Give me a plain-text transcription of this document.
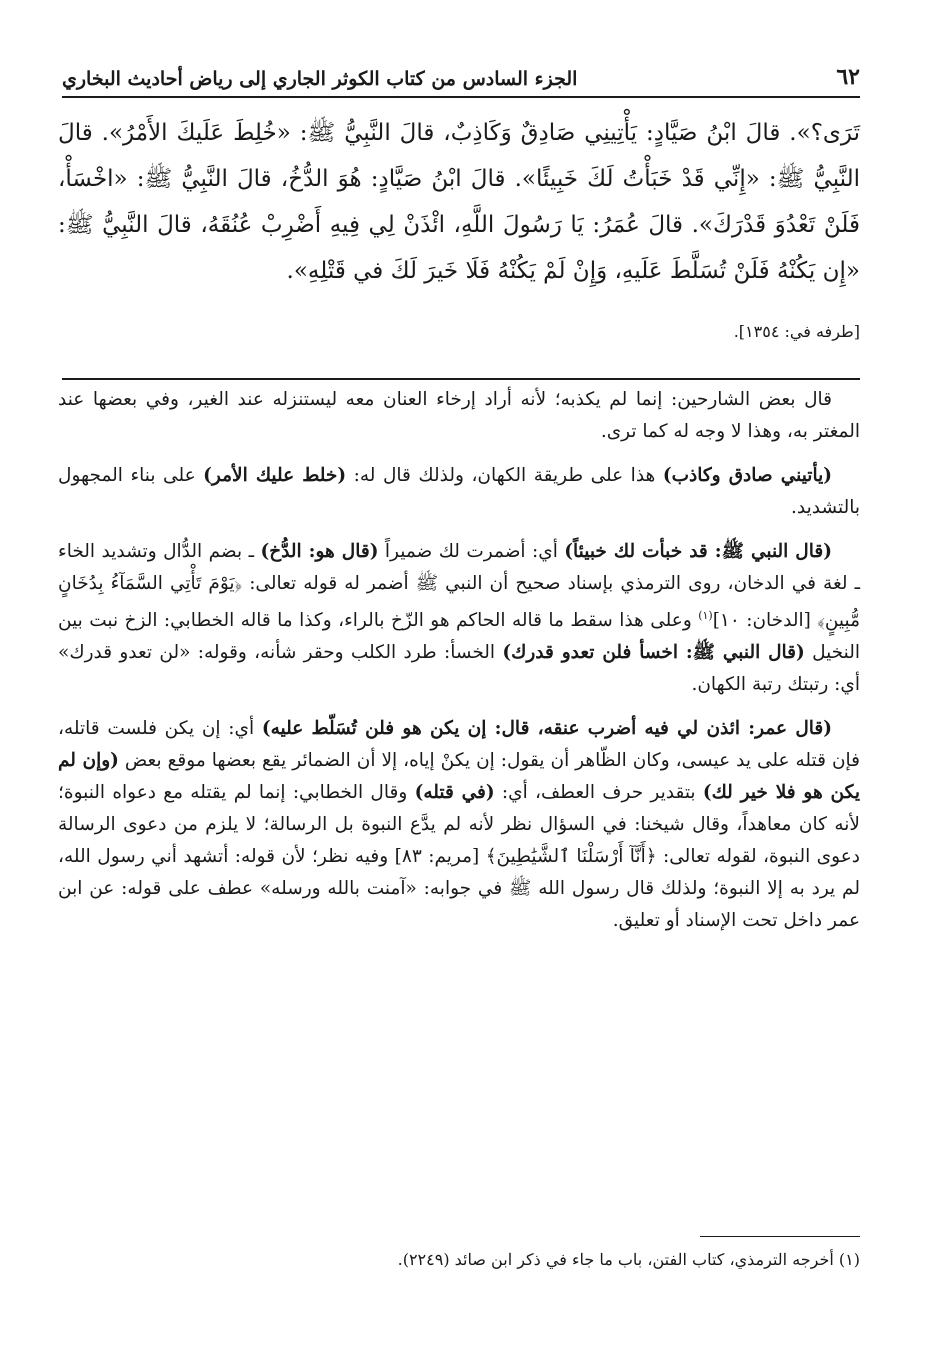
٦٢
الجزء السادس من كتاب الكوثر الجاري إلى رياض أحاديث البخاري

تَرَى؟». قالَ ابْنُ صَيَّادٍ: يَأْتِينِي صَادِقٌ وَكَاذِبٌ، قالَ النَّبِيُّ ﷺ: «خُلِطَ عَلَيكَ الأَمْرُ». قالَ النَّبِيُّ ﷺ: «إِنِّي قَدْ خَبَأْتُ لَكَ خَبِيئًا». قالَ ابْنُ صَيَّادٍ: هُوَ الدُّخُ، قالَ النَّبِيُّ ﷺ: «اخْسَأْ، فَلَنْ تَعْدُوَ قَدْرَكَ». قالَ عُمَرُ: يَا رَسُولَ اللَّهِ، ائْذَنْ لِي فِيهِ أَضْرِبْ عُنُقَهُ، قالَ النَّبِيُّ ﷺ: «إِن يَكُنْهُ فَلَنْ تُسَلَّطَ عَلَيهِ، وَإِنْ لَمْ يَكُنْهُ فَلَا خَيرَ لَكَ في قَتْلِهِ».

[طرفه في: ١٣٥٤].

قال بعض الشارحين: إنما لم يكذبه؛ لأنه أراد إرخاء العنان معه ليستنزله عند الغير، وفي بعضها عند المغتر به، وهذا لا وجه له كما ترى.

(يأتيني صادق وكاذب) هذا على طريقة الكهان، ولذلك قال له: (خلط عليك الأمر) على بناء المجهول بالتشديد.

(قال النبي ﷺ: قد خبأت لك خبيئاً) أي: أضمرت لك ضميراً (قال هو: الدُّخ) ـ بضم الدُّال وتشديد الخاء ـ لغة في الدخان، روى الترمذي بإسناد صحيح أن النبي ﷺ أضمر له قوله تعالى: ﴿يَوْمَ تَأْتِي السَّمَآءُ بِدُخَانٍ مُّبِينٍ﴾ [الدخان: ١٠]$^{(١)}$ وعلى هذا سقط ما قاله الحاكم هو الزّخ بالراء، وكذا ما قاله الخطابي: الزخ نبت بين النخيل (قال النبي ﷺ: اخسأ فلن تعدو قدرك) الخسأ: طرد الكلب وحقر شأنه، وقوله: «لن تعدو قدرك» أي: رتبتك رتبة الكهان.

(قال عمر: ائذن لي فيه أضرب عنقه، قال: إن يكن هو فلن تُسَلّط عليه) أي: إن يكن فلست قاتله، فإن قتله على يد عيسى، وكان الظّاهر أن يقول: إن يكنْ إياه، إلا أن الضمائر يقع بعضها موقع بعض (وإن لم يكن هو فلا خير لك) بتقدير حرف العطف، أي: (في قتله) وقال الخطابي: إنما لم يقتله مع دعواه النبوة؛ لأنه كان معاهداً، وقال شيخنا: في السؤال نظر لأنه لم يدَّع النبوة بل الرسالة؛ لا يلزم من دعوى الرسالة دعوى النبوة، لقوله تعالى: ﴿أَنَّآ أَرْسَلْنَا ٱلشَّيَٰطِينَ﴾ [مريم: ٨٣] وفيه نظر؛ لأن قوله: أتشهد أني رسول الله، لم يرد به إلا النبوة؛ ولذلك قال رسول الله ﷺ في جوابه: «آمنت بالله ورسله» عطف على قوله: عن ابن عمر داخل تحت الإسناد أو تعليق.

(١) أخرجه الترمذي، كتاب الفتن، باب ما جاء في ذكر ابن صائد (٢٢٤٩).
